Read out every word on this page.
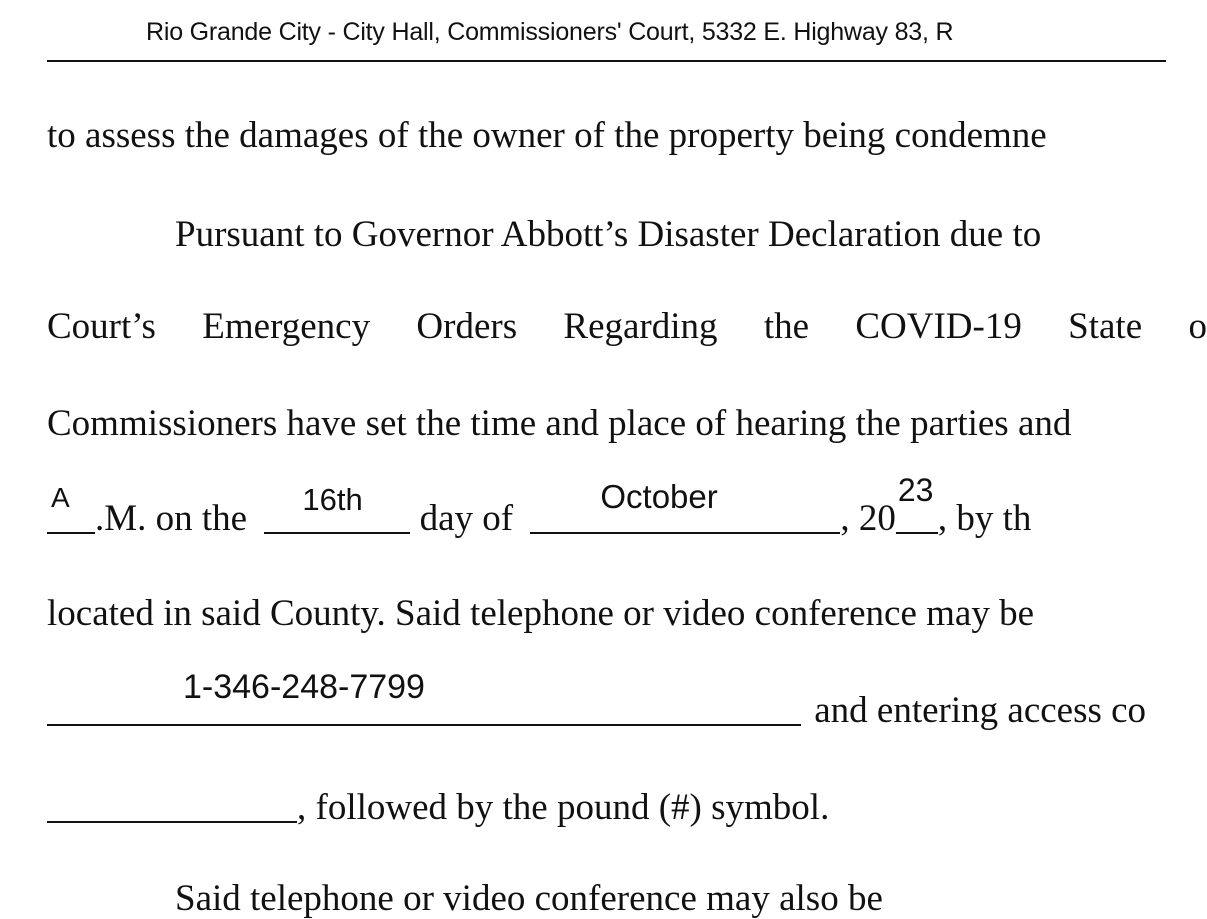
Rio Grande City - City Hall, Commissioners' Court, 5332 E. Highway 83, R
to assess the damages of the owner of the property being condemne
Pursuant to Governor Abbott’s Disaster Declaration due to
Court’s Emergency Orders Regarding the COVID-19 State o
Commissioners have set the time and place of hearing the parties and
A
.M. on the 16th day of
October
, 20
23
, by th
located in said County. Said telephone or video conference may be
1-346-248-7799
and entering access co
, followed by the pound (#) symbol.
Said telephone or video conference may also be
